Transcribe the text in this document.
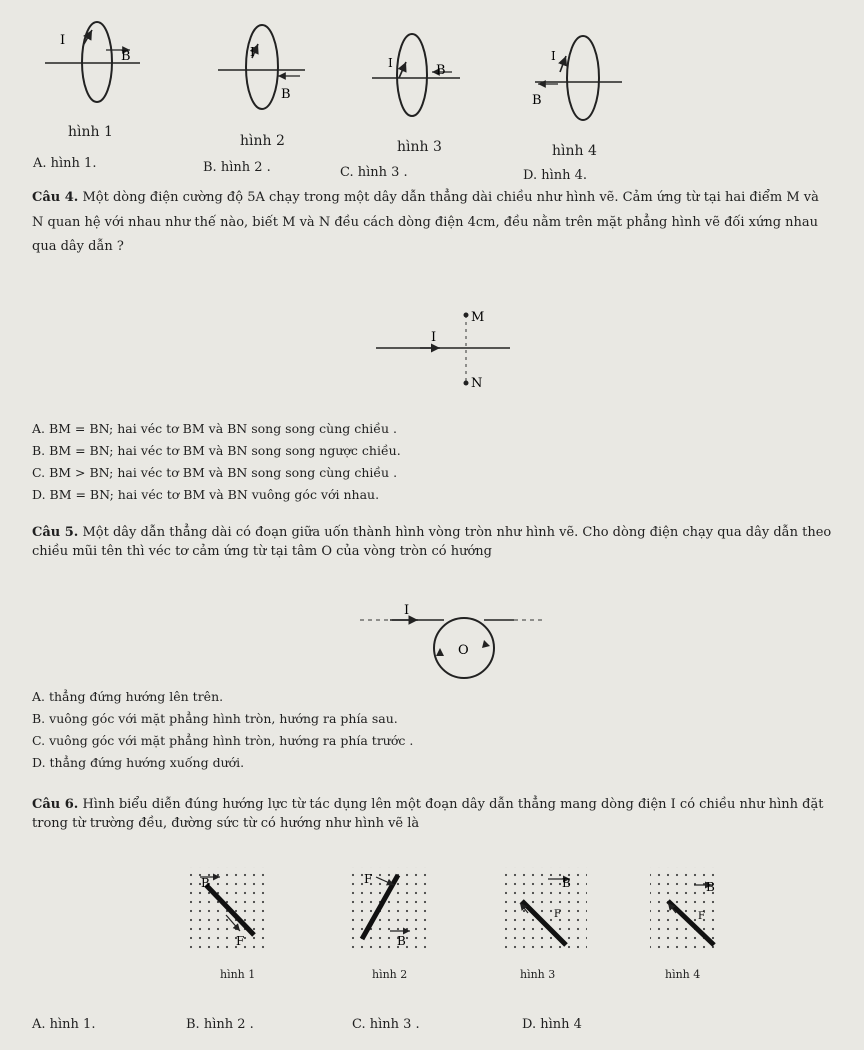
I
B	I
B
I	B
I
B
hình 1
hình 2	hình 3	hình 4
A. hình 1.	B. hình 2 .	C. hình 3 .	D. hình 4.
Câu 4. Một dòng điện cường độ 5A chạy trong một dây dẫn thẳng dài chiều như hình vẽ. Cảm ứng từ tại hai điểm M và N quan hệ với nhau như thế nào, biết M và N đều cách dòng điện 4cm, đều nằm trên mặt phẳng hình vẽ đối xứng nhau qua dây dẫn ?
M
N
I
A. BM = BN; hai véc tơ BM và BN song song cùng chiều .
B. BM = BN; hai véc tơ BM và BN song song ngược chiều.
C. BM > BN; hai véc tơ BM và BN song song cùng chiều .
D. BM = BN; hai véc tơ BM và BN vuông góc với nhau.
Câu 5. Một dây dẫn thẳng dài có đoạn giữa uốn thành hình vòng tròn như hình vẽ. Cho dòng điện chạy qua dây dẫn theo chiều mũi tên thì véc tơ cảm ứng từ tại tâm O của vòng tròn có hướng
I
O
A. thẳng đứng hướng lên trên.
B. vuông góc với mặt phẳng hình tròn, hướng ra phía sau.
C. vuông góc với mặt phẳng hình tròn, hướng ra phía trước .
D. thẳng đứng hướng xuống dưới.
Câu 6. Hình biểu diễn đúng hướng lực từ tác dụng lên một đoạn dây dẫn thẳng mang dòng điện I có chiều như hình đặt trong từ trường đều, đường sức từ có hướng như hình vẽ là
B
F
F
B
B
F
B
F
hình 1	hình 2	hình 3	hình 4
A. hình 1.	B. hình 2 .	C. hình 3 .	D. hình 4
